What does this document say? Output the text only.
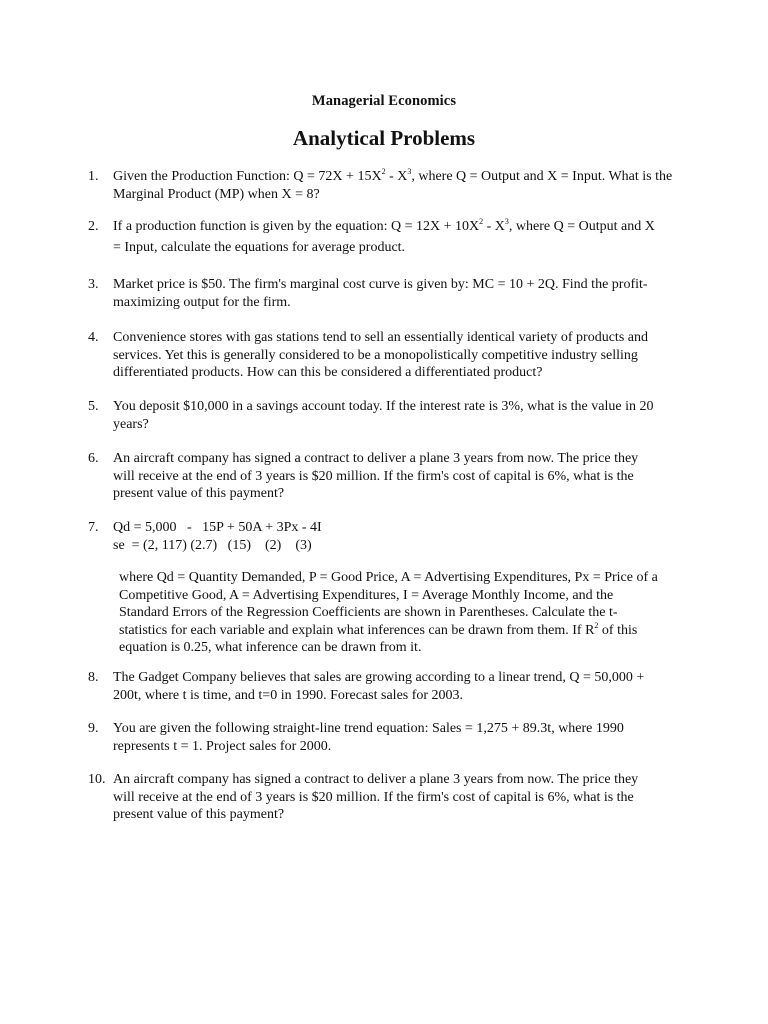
Managerial Economics
Analytical Problems
1.	Given the Production Function: $Q = 72X + 15X^2 - X^3$, where Q = Output and X = Input. What is the
Marginal Product (MP) when X = 8?
2.	If a production function is given by the equation: $Q = 12X + 10X^2 - X^3$, where Q = Output and X
= Input, calculate the equations for average product.
3.	Market price is $50. The firm's marginal cost curve is given by: MC = 10 + 2Q. Find the profit-
maximizing output for the firm.
4.	Convenience stores with gas stations tend to sell an essentially identical variety of products and
services. Yet this is generally considered to be a monopolistically competitive industry selling
differentiated products. How can this be considered a differentiated product?
5.	You deposit $10,000 in a savings account today. If the interest rate is 3%, what is the value in 20
years?
6.	An aircraft company has signed a contract to deliver a plane 3 years from now. The price they
will receive at the end of 3 years is $20 million. If the firm's cost of capital is 6%, what is the
present value of this payment?
7.	Qd = 5,000   -   15P + 50A + 3Px - 4I
se  = (2, 117) (2.7)   (15)    (2)    (3)
where Qd = Quantity Demanded, P = Good Price, A = Advertising Expenditures, Px = Price of a
Competitive Good, A = Advertising Expenditures, I = Average Monthly Income, and the
Standard Errors of the Regression Coefficients are shown in Parentheses. Calculate the t-
statistics for each variable and explain what inferences can be drawn from them. If $R^2$ of this
equation is 0.25, what inference can be drawn from it.
8.	The Gadget Company believes that sales are growing according to a linear trend, Q = 50,000 +
200t, where t is time, and t=0 in 1990. Forecast sales for 2003.
9.	You are given the following straight-line trend equation: Sales = 1,275 + 89.3t, where 1990
represents t = 1. Project sales for 2000.
10. An aircraft company has signed a contract to deliver a plane 3 years from now. The price they
will receive at the end of 3 years is $20 million. If the firm's cost of capital is 6%, what is the
present value of this payment?
